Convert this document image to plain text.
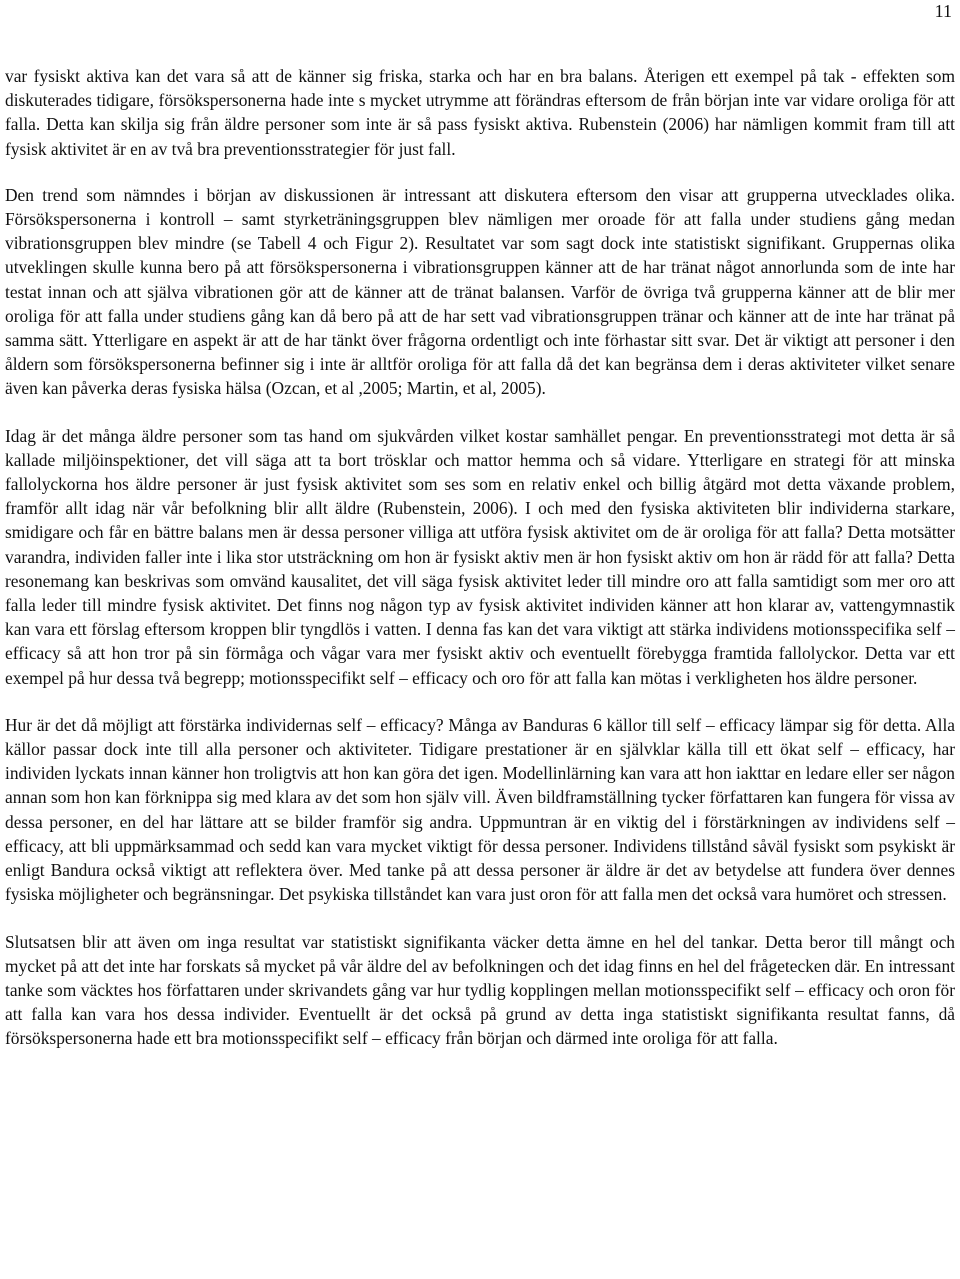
11

var fysiskt aktiva kan det vara så att de känner sig friska, starka och har en bra balans. Återigen ett exempel på tak - effekten som diskuterades tidigare, försökspersonerna hade inte s mycket utrymme att förändras eftersom de från början inte var vidare oroliga för att falla. Detta kan skilja sig från äldre personer som inte är så pass fysiskt aktiva. Rubenstein (2006) har nämligen kommit fram till att fysisk aktivitet är en av två bra preventionsstrategier för just fall.

Den trend som nämndes i början av diskussionen är intressant att diskutera eftersom den visar att grupperna utvecklades olika. Försökspersonerna i kontroll – samt styrketräningsgruppen blev nämligen mer oroade för att falla under studiens gång medan vibrationsgruppen blev mindre (se Tabell 4 och Figur 2). Resultatet var som sagt dock inte statistiskt signifikant. Gruppernas olika utveklingen skulle kunna bero på att försökspersonerna i vibrationsgruppen känner att de har tränat något annorlunda som de inte har testat innan och att själva vibrationen gör att de känner att de tränat balansen. Varför de övriga två grupperna känner att de blir mer oroliga för att falla under studiens gång kan då bero på att de har sett vad vibrationsgruppen tränar och känner att de inte har tränat på samma sätt. Ytterligare en aspekt är att de har tänkt över frågorna ordentligt och inte förhastar sitt svar. Det är viktigt att personer i den åldern som försökspersonerna befinner sig i inte är alltför oroliga för att falla då det kan begränsa dem i deras aktiviteter vilket senare även kan påverka deras fysiska hälsa (Ozcan, et al ,2005; Martin, et al, 2005).

Idag är det många äldre personer som tas hand om sjukvården vilket kostar samhället pengar. En preventionsstrategi mot detta är så kallade miljöinspektioner, det vill säga att ta bort trösklar och mattor hemma och så vidare. Ytterligare en strategi för att minska fallolyckorna hos äldre personer är just fysisk aktivitet som ses som en relativ enkel och billig åtgärd mot detta växande problem, framför allt idag när vår befolkning blir allt äldre (Rubenstein, 2006). I och med den fysiska aktiviteten blir individerna starkare, smidigare och får en bättre balans men är dessa personer villiga att utföra fysisk aktivitet om de är oroliga för att falla? Detta motsätter varandra, individen faller inte i lika stor utsträckning om hon är fysiskt aktiv men är hon fysiskt aktiv om hon är rädd för att falla? Detta resonemang kan beskrivas som omvänd kausalitet, det vill säga fysisk aktivitet leder till mindre oro att falla samtidigt som mer oro att falla leder till mindre fysisk aktivitet. Det finns nog någon typ av fysisk aktivitet individen känner att hon klarar av, vattengymnastik kan vara ett förslag eftersom kroppen blir tyngdlös i vatten. I denna fas kan det vara viktigt att stärka individens motionsspecifika self – efficacy så att hon tror på sin förmåga och vågar vara mer fysiskt aktiv och eventuellt förebygga framtida fallolyckor. Detta var ett exempel på hur dessa två begrepp; motionsspecifikt self – efficacy och oro för att falla kan mötas i verkligheten hos äldre personer.

Hur är det då möjligt att förstärka individernas self – efficacy? Många av Banduras 6 källor till self – efficacy lämpar sig för detta. Alla källor passar dock inte till alla personer och aktiviteter. Tidigare prestationer är en självklar källa till ett ökat self – efficacy, har individen lyckats innan känner hon troligtvis att hon kan göra det igen. Modellinlärning kan vara att hon iakttar en ledare eller ser någon annan som hon kan förknippa sig med klara av det som hon själv vill. Även bildframställning tycker författaren kan fungera för vissa av dessa personer, en del har lättare att se bilder framför sig andra. Uppmuntran är en viktig del i förstärkningen av individens self – efficacy, att bli uppmärksammad och sedd kan vara mycket viktigt för dessa personer. Individens tillstånd såväl fysiskt som psykiskt är enligt Bandura också viktigt att reflektera över. Med tanke på att dessa personer är äldre är det av betydelse att fundera över dennes fysiska möjligheter och begränsningar. Det psykiska tillståndet kan vara just oron för att falla men det också vara humöret och stressen.

Slutsatsen blir att även om inga resultat var statistiskt signifikanta väcker detta ämne en hel del tankar. Detta beror till mångt och mycket på att det inte har forskats så mycket på vår äldre del av befolkningen och det idag finns en hel del frågetecken där. En intressant tanke som väcktes hos författaren under skrivandets gång var hur tydlig kopplingen mellan motionsspecifikt self – efficacy och oron för att falla kan vara hos dessa individer. Eventuellt är det också på grund av detta inga statistiskt signifikanta resultat fanns, då försökspersonerna hade ett bra motionsspecifikt self – efficacy från början och därmed inte oroliga för att falla.
